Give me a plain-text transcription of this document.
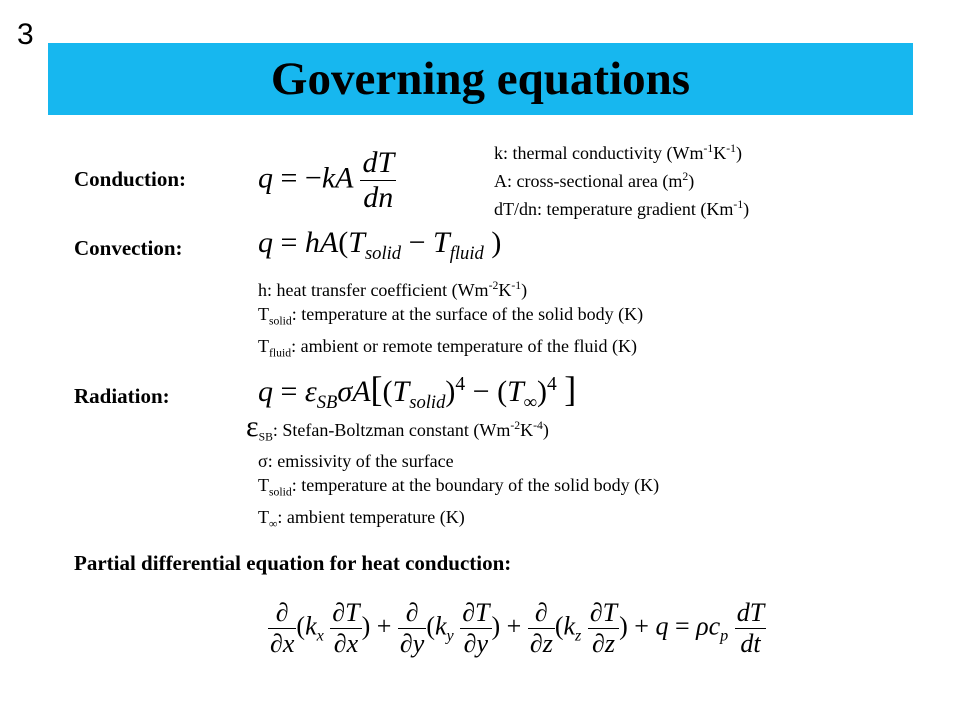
3
Governing equations
Conduction: $q = -kA \frac{dT}{dn}$	k: thermal conductivity $(Wm^{-1}K^{-1})$
A: cross-sectional area $(m^2)$
dT/dn: temperature gradient $(Km^{-1})$
Convection:	$q = hA(T_{solid} - T_{fluid}$ )
h: heat transfer coefficient $(Wm^{-2}K^{-1})$
$T_{solid}$: temperature at the surface of the solid body (K)
$T_{fluid}$: ambient or remote temperature of the fluid (K)
Radiation:	$q = \varepsilon_{SB}\sigma A[(T_{solid})^4 - (T_\infty)^4$ ]
$\varepsilon_{SB}$: Stefan-Boltzman constant $(Wm^{-2}K^{-4})$
σ: emissivity of the surface
$T_{solid}$: temperature at the boundary of the solid body (K)
$T_\infty$: ambient temperature (K)
Partial differential equation for heat conduction:
$\frac{\partial}{\partial x} (k_x \frac{\partial T}{\partial x}$ ) + $\frac{\partial}{\partial y} (k_y \frac{\partial T}{\partial y}$ ) + $\frac{\partial}{\partial z} (k_z \frac{\partial T}{\partial z}$ ) + $q = \rho c_p \frac{dT}{dt}$
